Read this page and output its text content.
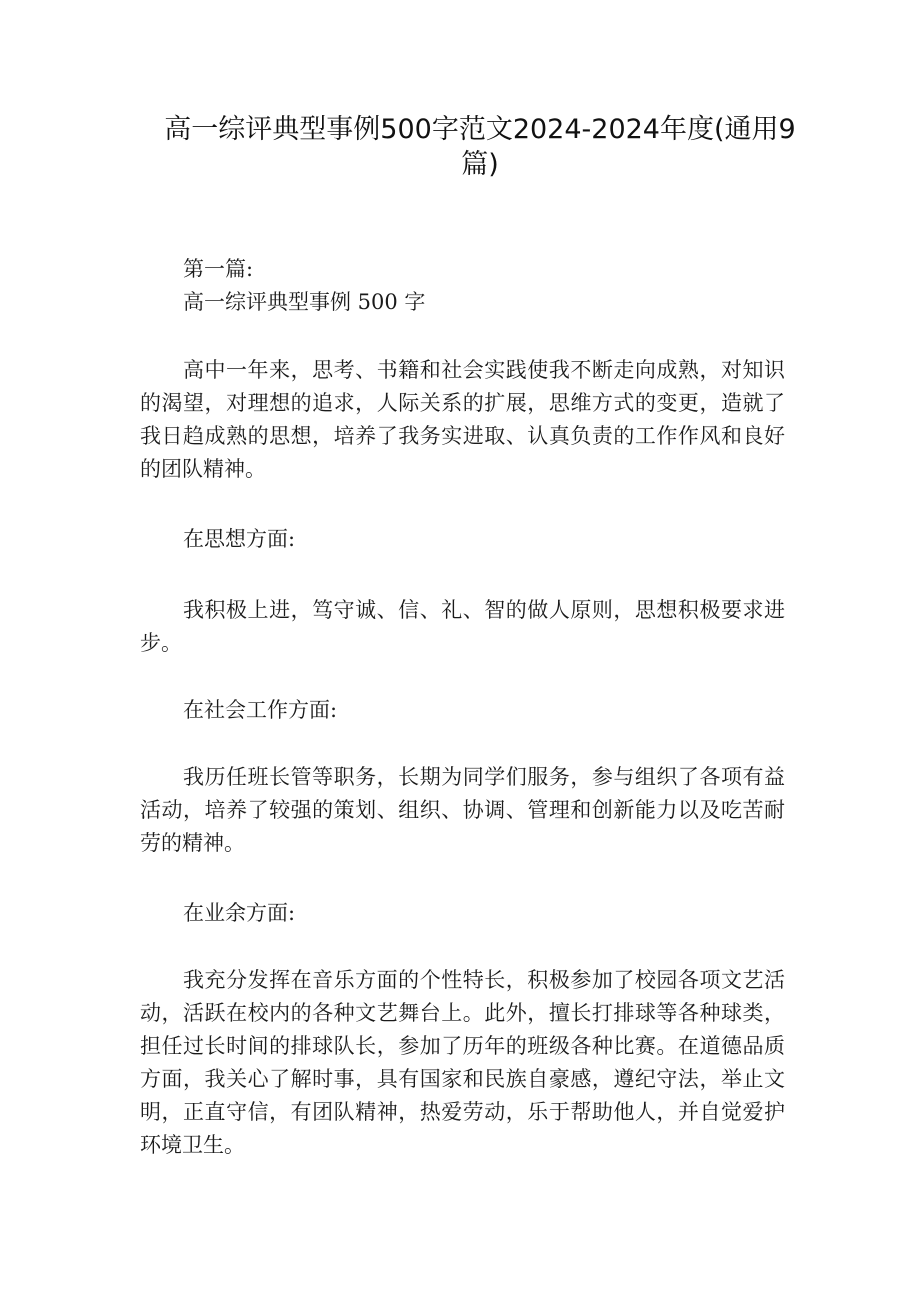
高一综评典型事例500字范文2024-2024年度(通用9篇)

第一篇:

高一综评典型事例 500 字

高中一年来，思考、书籍和社会实践使我不断走向成熟，对知识的渴望，对理想的追求，人际关系的扩展，思维方式的变更，造就了我日趋成熟的思想，培养了我务实进取、认真负责的工作作风和良好的团队精神。

在思想方面:

我积极上进，笃守诚、信、礼、智的做人原则，思想积极要求进步。

在社会工作方面:

我历任班长管等职务，长期为同学们服务，参与组织了各项有益活动，培养了较强的策划、组织、协调、管理和创新能力以及吃苦耐劳的精神。

在业余方面:

我充分发挥在音乐方面的个性特长，积极参加了校园各项文艺活动，活跃在校内的各种文艺舞台上。此外，擅长打排球等各种球类，担任过长时间的排球队长，参加了历年的班级各种比赛。在道德品质方面，我关心了解时事，具有国家和民族自豪感，遵纪守法，举止文明，正直守信，有团队精神，热爱劳动，乐于帮助他人，并自觉爱护环境卫生。
